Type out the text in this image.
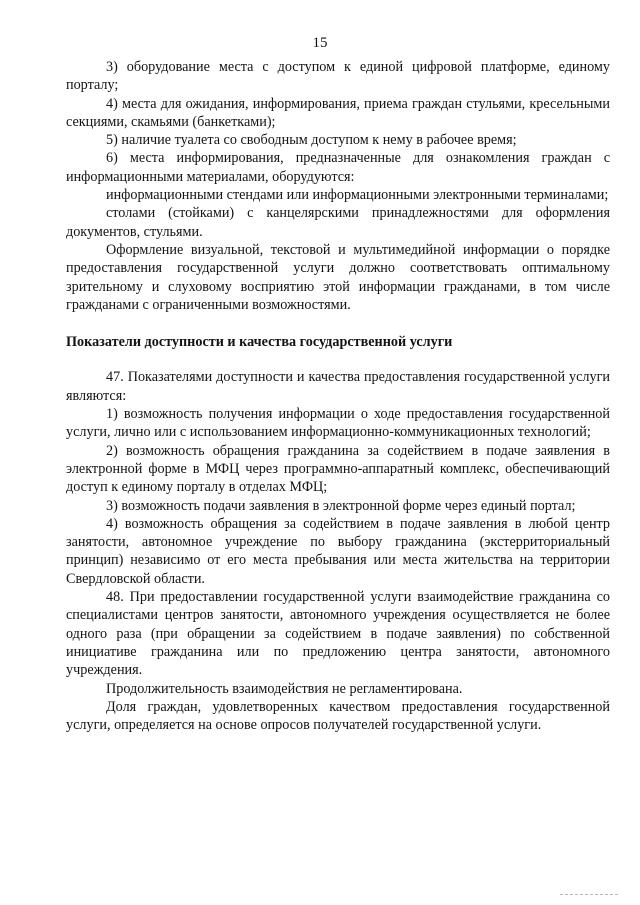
15

3) оборудование места с доступом к единой цифровой платформе, единому порталу;

4) места для ожидания, информирования, приема граждан стульями, кресельными секциями, скамьями (банкетками);

5) наличие туалета со свободным доступом к нему в рабочее время;

6) места информирования, предназначенные для ознакомления граждан с информационными материалами, оборудуются:

информационными стендами или информационными электронными терминалами;

столами (стойками) с канцелярскими принадлежностями для оформления документов, стульями.

Оформление визуальной, текстовой и мультимедийной информации о порядке предоставления государственной услуги должно соответствовать оптимальному зрительному и слуховому восприятию этой информации гражданами, в том числе гражданами с ограниченными возможностями.

Показатели доступности и качества государственной услуги

47. Показателями доступности и качества предоставления государственной услуги являются:

1) возможность получения информации о ходе предоставления государственной услуги, лично или с использованием информационно-коммуникационных технологий;

2) возможность обращения гражданина за содействием в подаче заявления в электронной форме в МФЦ через программно-аппаратный комплекс, обеспечивающий доступ к единому порталу в отделах МФЦ;

3) возможность подачи заявления в электронной форме через единый портал;

4) возможность обращения за содействием в подаче заявления в любой центр занятости, автономное учреждение по выбору гражданина (экстерриториальный принцип) независимо от его места пребывания или места жительства на территории Свердловской области.

48. При предоставлении государственной услуги взаимодействие гражданина со специалистами центров занятости, автономного учреждения осуществляется не более одного раза (при обращении за содействием в подаче заявления) по собственной инициативе гражданина или по предложению центра занятости, автономного учреждения.

Продолжительность взаимодействия не регламентирована.

Доля граждан, удовлетворенных качеством предоставления государственной услуги, определяется на основе опросов получателей государственной услуги.
